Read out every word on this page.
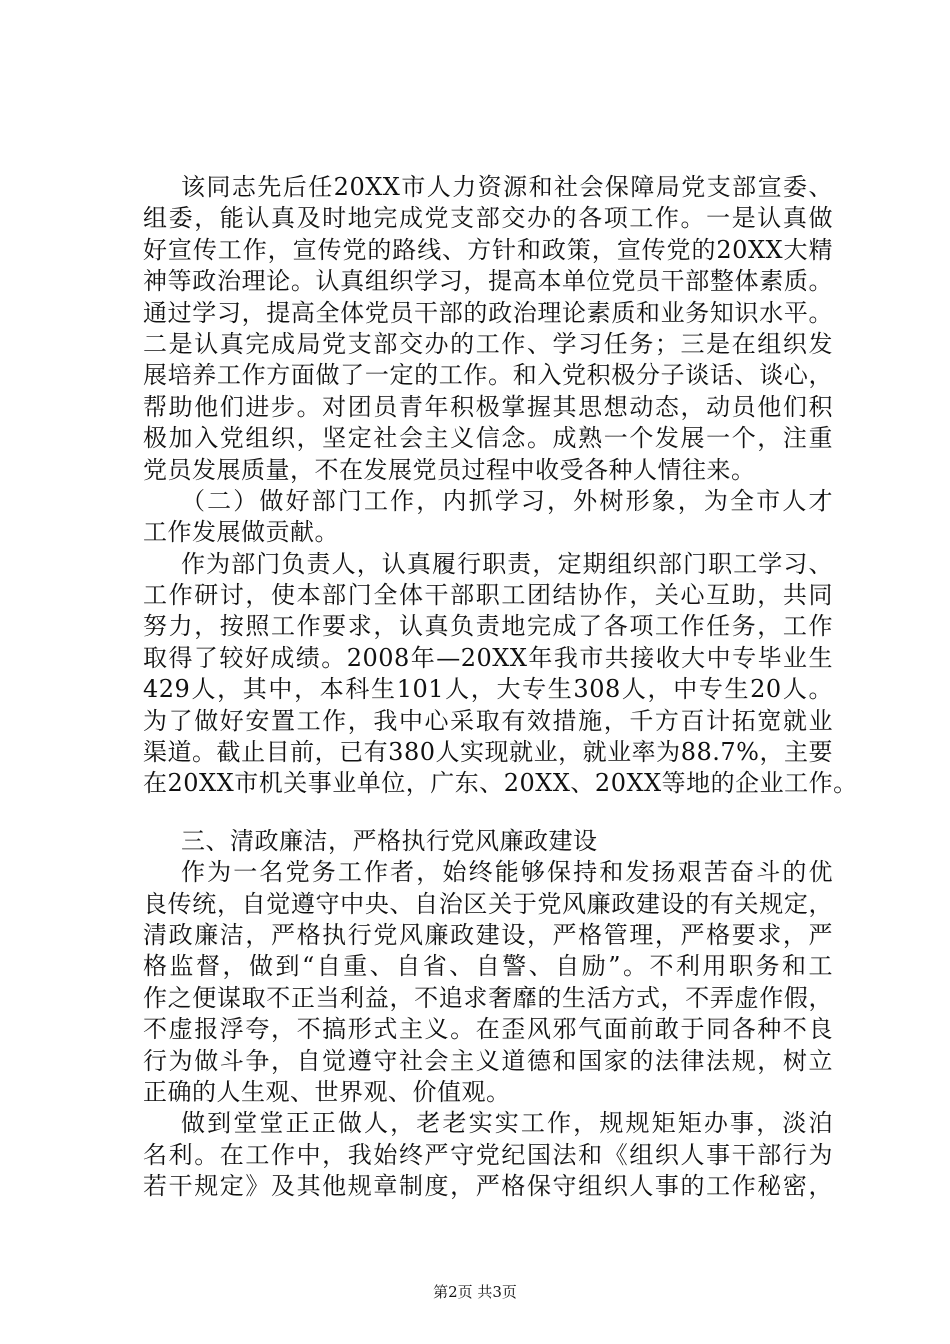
该同志先后任20XX市人力资源和社会保障局党支部宣委、

组委，能认真及时地完成党支部交办的各项工作。一是认真做

好宣传工作，宣传党的路线、方针和政策，宣传党的20XX大精

神等政治理论。认真组织学习，提高本单位党员干部整体素质。

通过学习，提高全体党员干部的政治理论素质和业务知识水平。

二是认真完成局党支部交办的工作、学习任务；三是在组织发

展培养工作方面做了一定的工作。和入党积极分子谈话、谈心，

帮助他们进步。对团员青年积极掌握其思想动态，动员他们积

极加入党组织，坚定社会主义信念。成熟一个发展一个，注重

党员发展质量，不在发展党员过程中收受各种人情往来。

（二）做好部门工作，内抓学习，外树形象，为全市人才

工作发展做贡献。

作为部门负责人，认真履行职责，定期组织部门职工学习、

工作研讨，使本部门全体干部职工团结协作，关心互助，共同

努力，按照工作要求，认真负责地完成了各项工作任务，工作

取得了较好成绩。2008年—20XX年我市共接收大中专毕业生

429人，其中，本科生101人，大专生308人，中专生20人。

为了做好安置工作，我中心采取有效措施，千方百计拓宽就业

渠道。截止目前，已有380人实现就业，就业率为88.7%，主要

在20XX市机关事业单位，广东、20XX、20XX等地的企业工作。

三、清政廉洁，严格执行党风廉政建设

作为一名党务工作者，始终能够保持和发扬艰苦奋斗的优

良传统，自觉遵守中央、自治区关于党风廉政建设的有关规定，

清政廉洁，严格执行党风廉政建设，严格管理，严格要求，严

格监督，做到“自重、自省、自警、自励”。不利用职务和工

作之便谋取不正当利益，不追求奢靡的生活方式，不弄虚作假，

不虚报浮夸，不搞形式主义。在歪风邪气面前敢于同各种不良

行为做斗争，自觉遵守社会主义道德和国家的法律法规，树立

正确的人生观、世界观、价值观。

做到堂堂正正做人，老老实实工作，规规矩矩办事，淡泊

名利。在工作中，我始终严守党纪国法和《组织人事干部行为

若干规定》及其他规章制度，严格保守组织人事的工作秘密，

第2页 共3页
